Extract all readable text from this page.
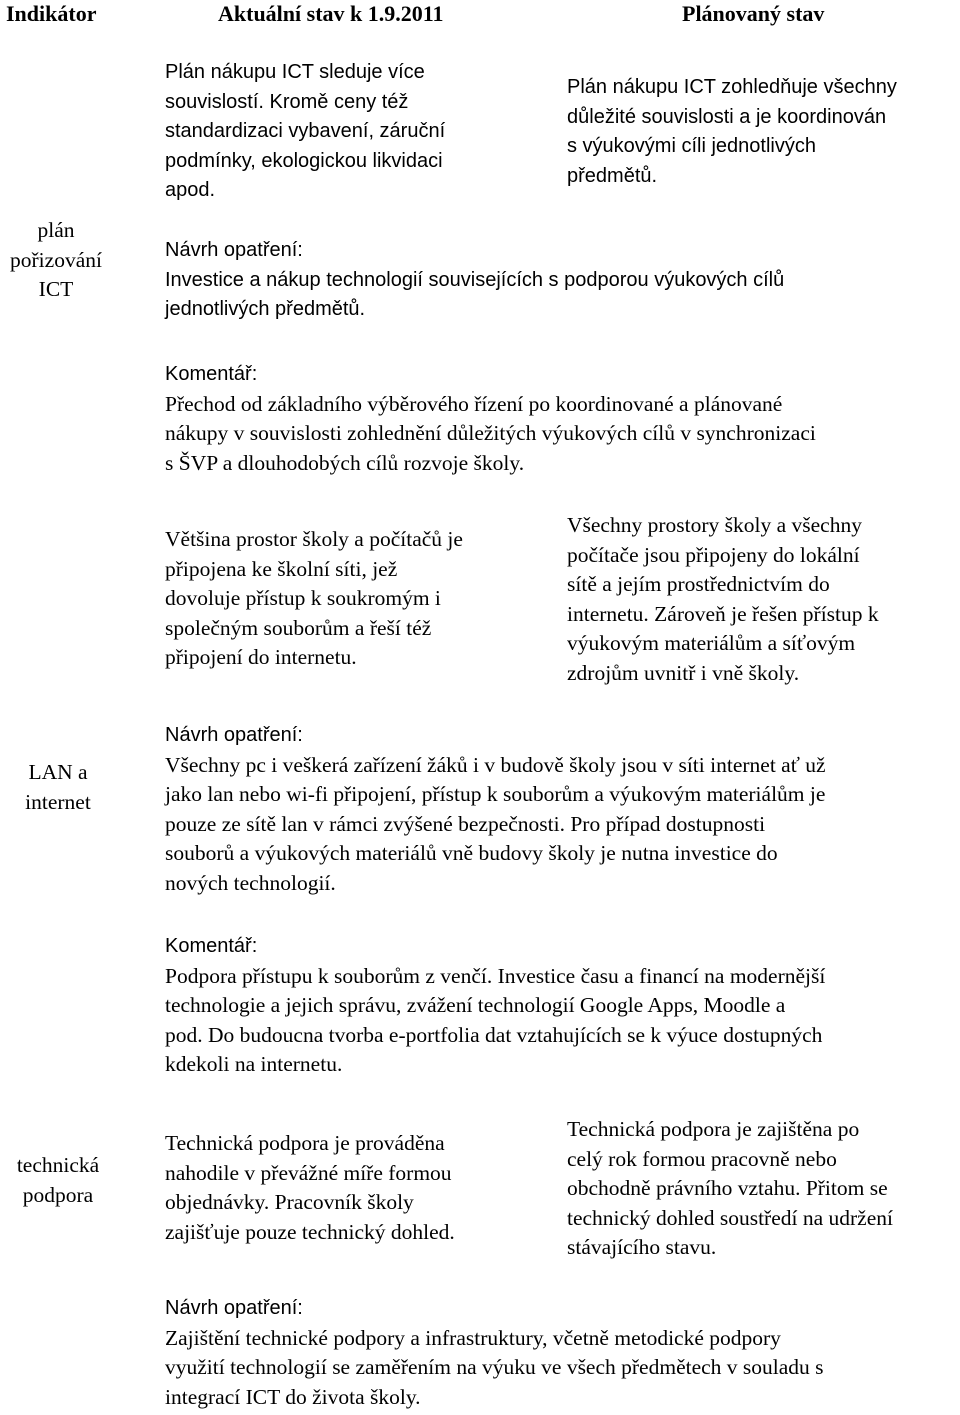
Indikátor	Aktuální stav k 1.9.2011	Plánovaný stav
plán
pořizování
ICT
Plán nákupu ICT sleduje více
souvislostí. Kromě ceny též
standardizaci vybavení, záruční
podmínky, ekologickou likvidaci
apod.
Plán nákupu ICT zohledňuje všechny
důležité souvislosti a je koordinován
s výukovými cíli jednotlivých
předmětů.
Návrh opatření:
Investice a nákup technologií souvisejících s podporou výukových cílů
jednotlivých předmětů.
Komentář:
Přechod od základního výběrového řízení po koordinované a plánované
nákupy v souvislosti zohlednění důležitých výukových cílů v synchronizaci
s ŠVP a dlouhodobých cílů rozvoje školy.
LAN a
internet
Většina prostor školy a počítačů je
připojena ke školní síti, jež
dovoluje přístup k soukromým i
společným souborům a řeší též
připojení do internetu.
Všechny prostory školy a všechny
počítače jsou připojeny do lokální
sítě a jejím prostřednictvím do
internetu. Zároveň je řešen přístup k
výukovým materiálům a síťovým
zdrojům uvnitř i vně školy.
Návrh opatření:
Všechny pc i veškerá zařízení žáků i v budově školy jsou v síti internet ať už
jako lan nebo wi-fi připojení, přístup k souborům a výukovým materiálům je
pouze ze sítě lan v rámci zvýšené bezpečnosti. Pro případ dostupnosti
souborů a výukových materiálů vně budovy školy je nutna investice do
nových technologií.
Komentář:
Podpora přístupu k souborům z venčí. Investice času a financí na modernější
technologie a jejich správu, zvážení technologií Google Apps, Moodle a
pod. Do budoucna tvorba e-portfolia dat vztahujících se k výuce dostupných
kdekoli na internetu.
technická
podpora
Technická podpora je prováděna
nahodile v převážné míře formou
objednávky. Pracovník školy
zajišťuje pouze technický dohled.
Technická podpora je zajištěna po
celý rok formou pracovně nebo
obchodně právního vztahu. Přitom se
technický dohled soustředí na udržení
stávajícího stavu.
Návrh opatření:
Zajištění technické podpory a infrastruktury, včetně metodické podpory
využití technologií se zaměřením na výuku ve všech předmětech v souladu s
integrací ICT do života školy.
